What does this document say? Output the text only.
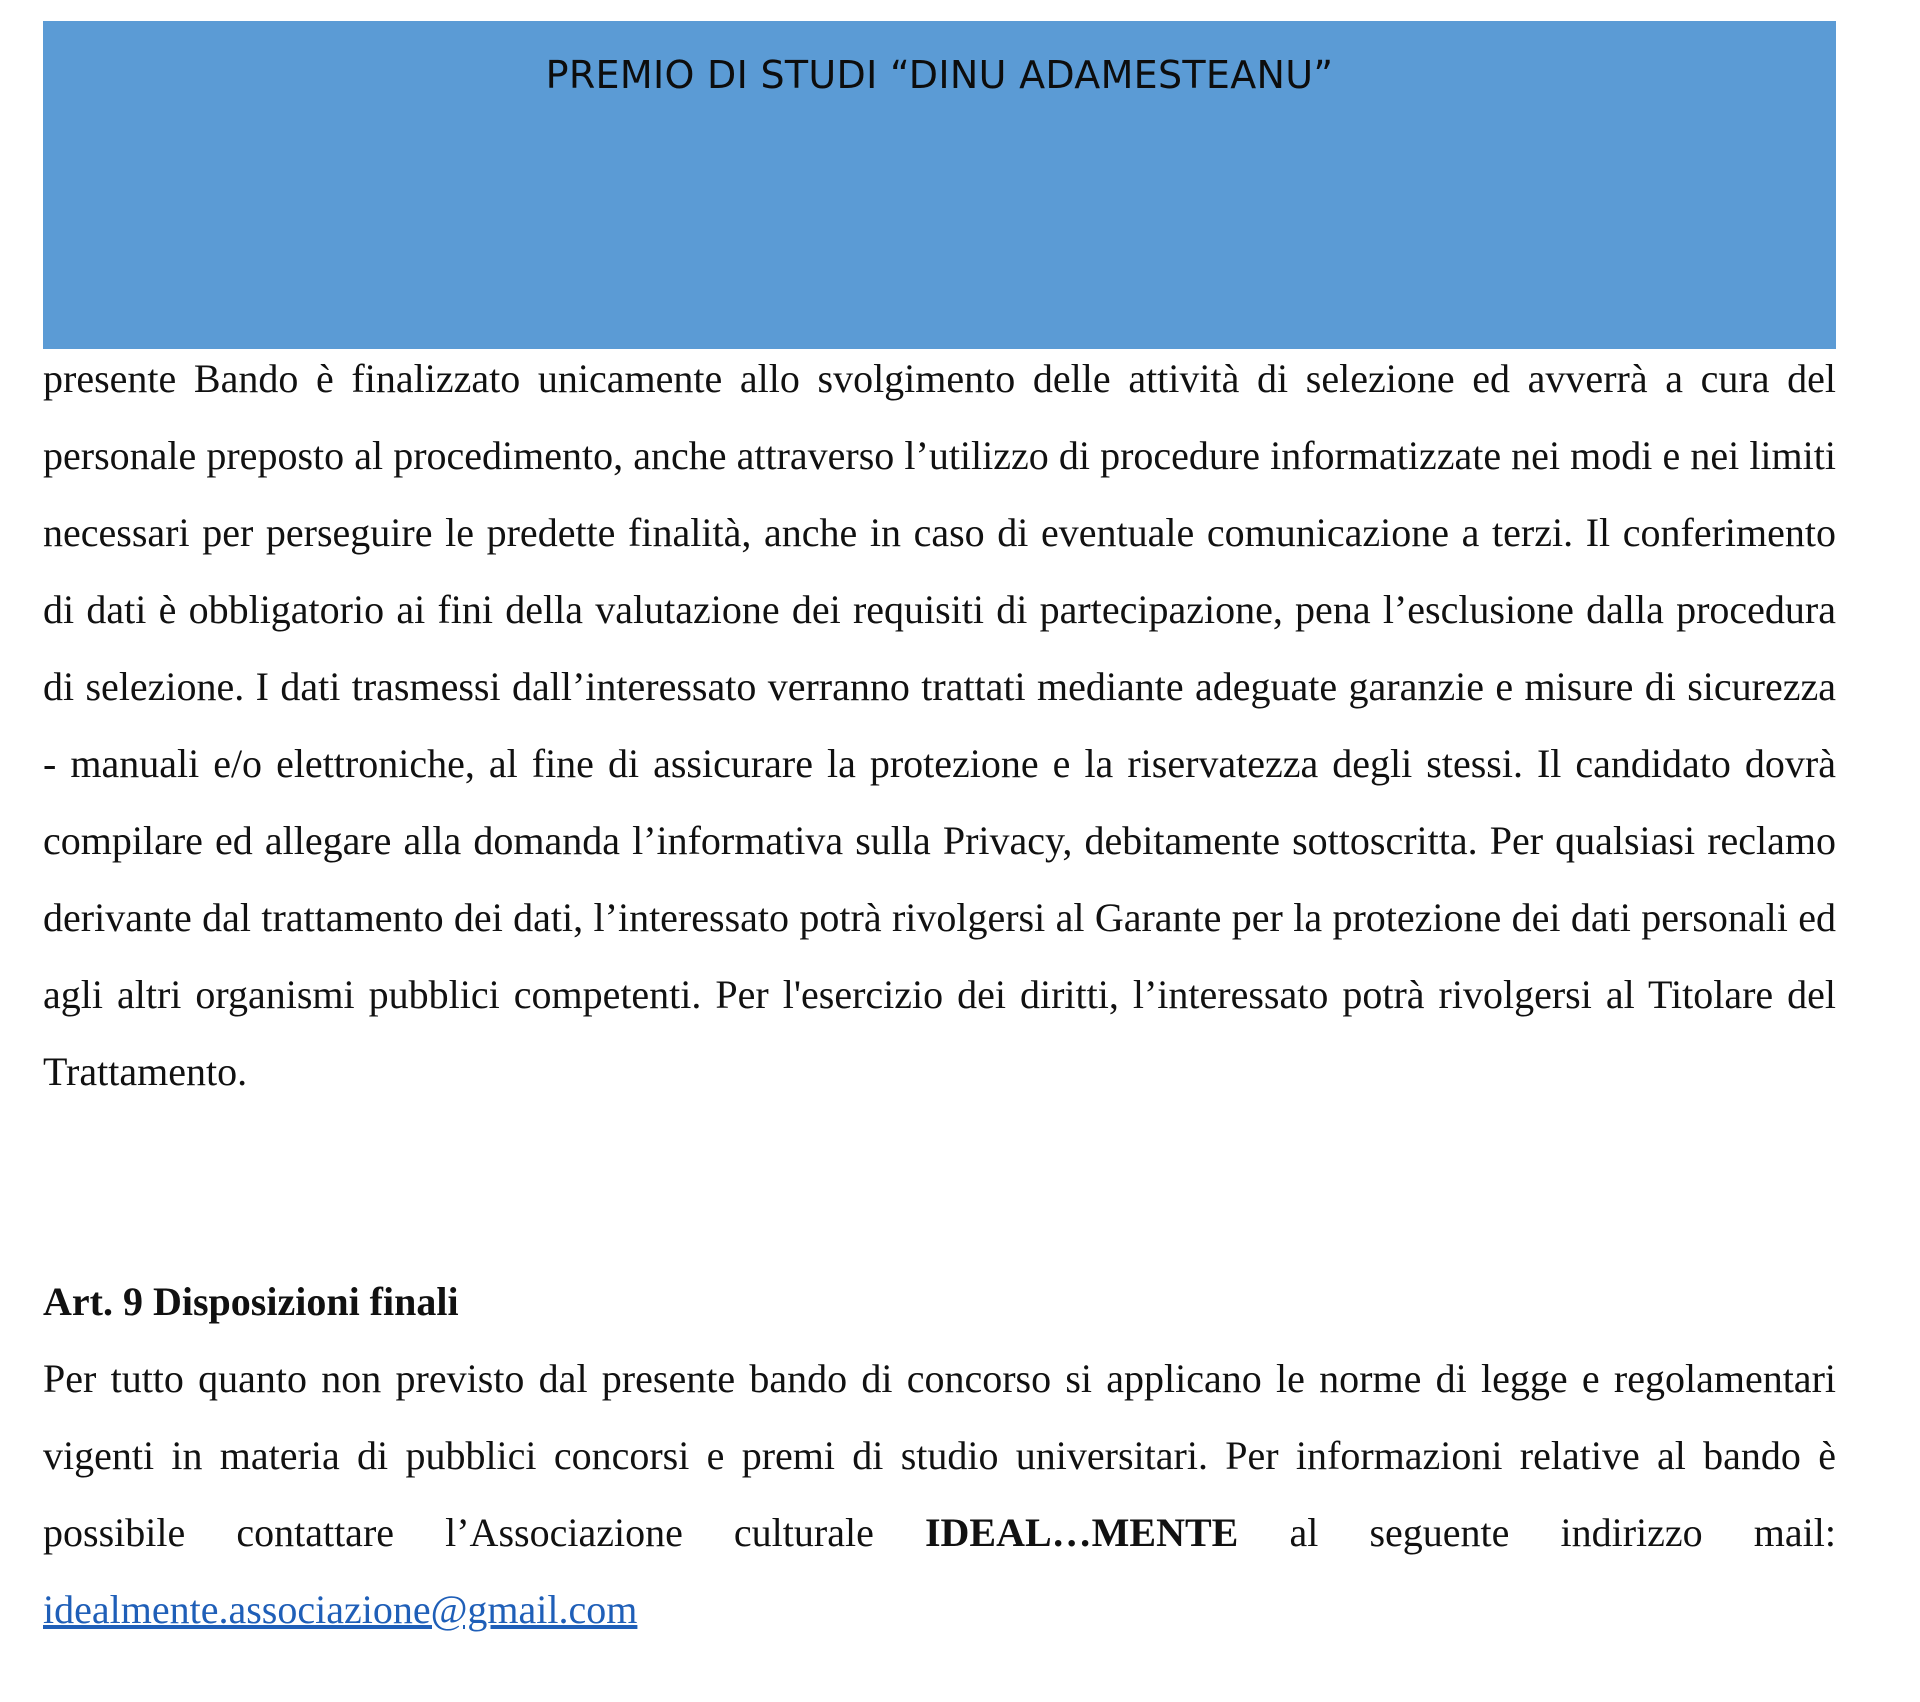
PREMIO DI STUDI “DINU ADAMESTEANU”

presente Bando è finalizzato unicamente allo svolgimento delle attività di selezione ed avverrà a cura del personale preposto al procedimento, anche attraverso l’utilizzo di procedure informatizzate nei modi e nei limiti necessari per perseguire le predette finalità, anche in caso di eventuale comunicazione a terzi. Il conferimento di dati è obbligatorio ai fini della valutazione dei requisiti di partecipazione, pena l’esclusione dalla procedura di selezione. I dati trasmessi dall’interessato verranno trattati mediante adeguate garanzie e misure di sicurezza - manuali e/o elettroniche, al fine di assicurare la protezione e la riservatezza degli stessi. Il candidato dovrà compilare ed allegare alla domanda l’informativa sulla Privacy, debitamente sottoscritta. Per qualsiasi reclamo derivante dal trattamento dei dati, l’interessato potrà rivolgersi al Garante per la protezione dei dati personali ed agli altri organismi pubblici competenti. Per l'esercizio dei diritti, l’interessato potrà rivolgersi al Titolare del Trattamento.

Art. 9 Disposizioni finali

Per tutto quanto non previsto dal presente bando di concorso si applicano le norme di legge e regolamentari vigenti in materia di pubblici concorsi e premi di studio universitari. Per informazioni relative al bando è possibile contattare l’Associazione culturale IDEAL…MENTE al seguente indirizzo mail: idealmente.associazione@gmail.com
